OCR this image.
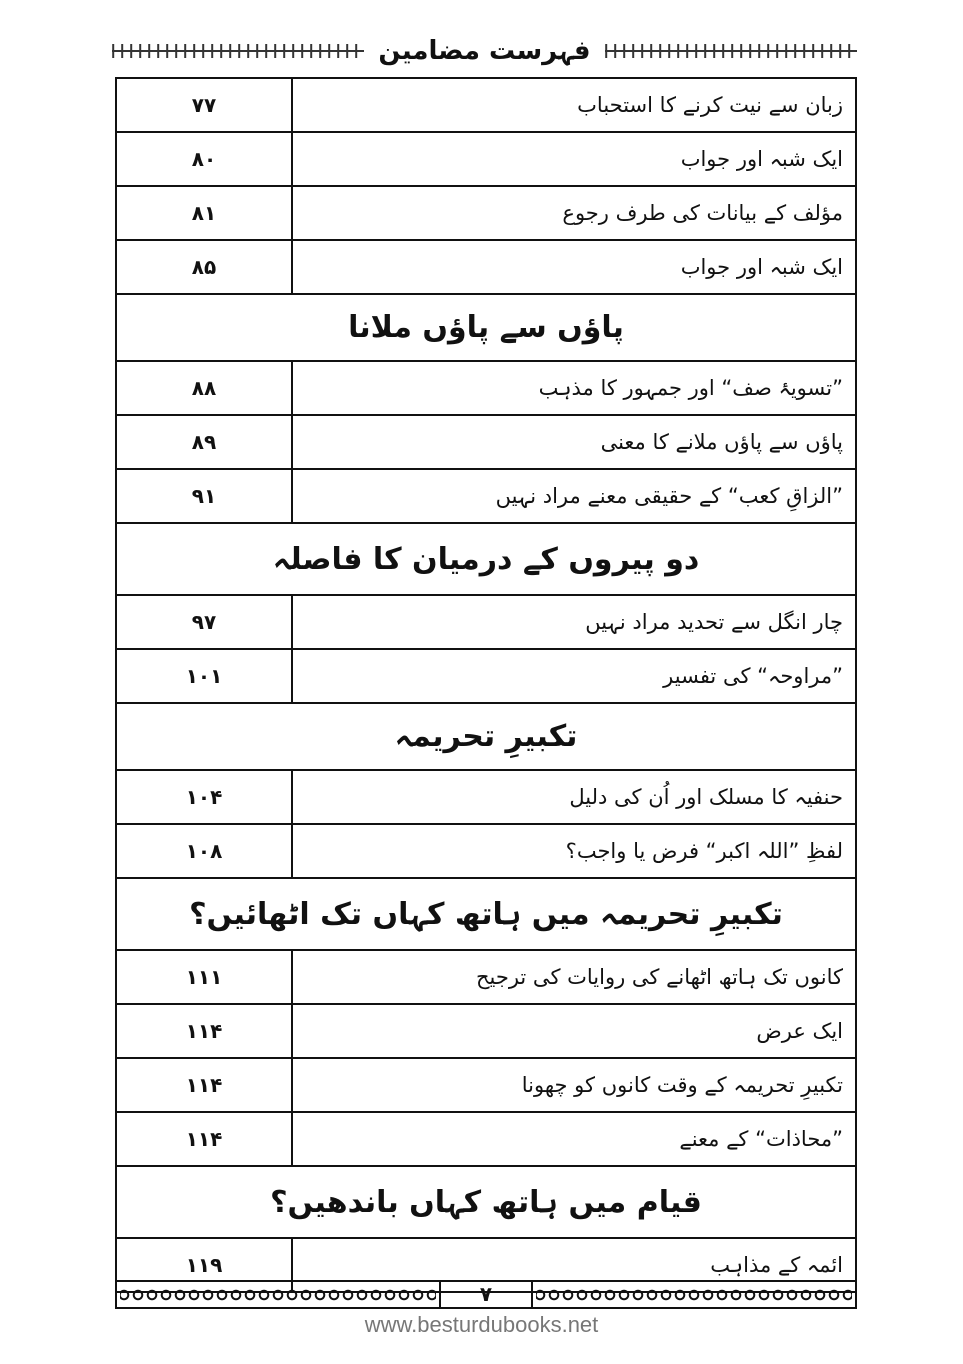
فہرست مضامین
۷۷	زبان سے نیت کرنے کا استحباب
۸۰	ایک شبہ اور جواب
۸۱	مؤلف کے بیانات کی طرف رجوع
۸۵	ایک شبہ اور جواب
پاؤں سے پاؤں ملانا	
۸۸	”تسویۂ صف“ اور جمہور کا مذہب
۸۹	پاؤں سے پاؤں ملانے کا معنی
۹۱	”الزاقِ کعب“ کے حقیقی معنے مراد نہیں
دو پیروں کے درمیان کا فاصلہ	
۹۷	چار انگل سے تحدید مراد نہیں
۱۰۱	”مراوحہ“ کی تفسیر
تکبیرِ تحریمہ	
۱۰۴	حنفیہ کا مسلک اور اُن کی دلیل
۱۰۸	لفظِ ”اللہ اکبر“ فرض یا واجب؟
تکبیرِ تحریمہ میں ہاتھ کہاں تک اٹھائیں؟	
۱۱۱	کانوں تک ہاتھ اٹھانے کی روایات کی ترجیح
۱۱۴	ایک عرض
۱۱۴	تکبیرِ تحریمہ کے وقت کانوں کو چھونا
۱۱۴	”محاذات“ کے معنے
قیام میں ہاتھ کہاں باندھیں؟	
۱۱۹	ائمہ کے مذاہب
۷
www.besturdubooks.net
